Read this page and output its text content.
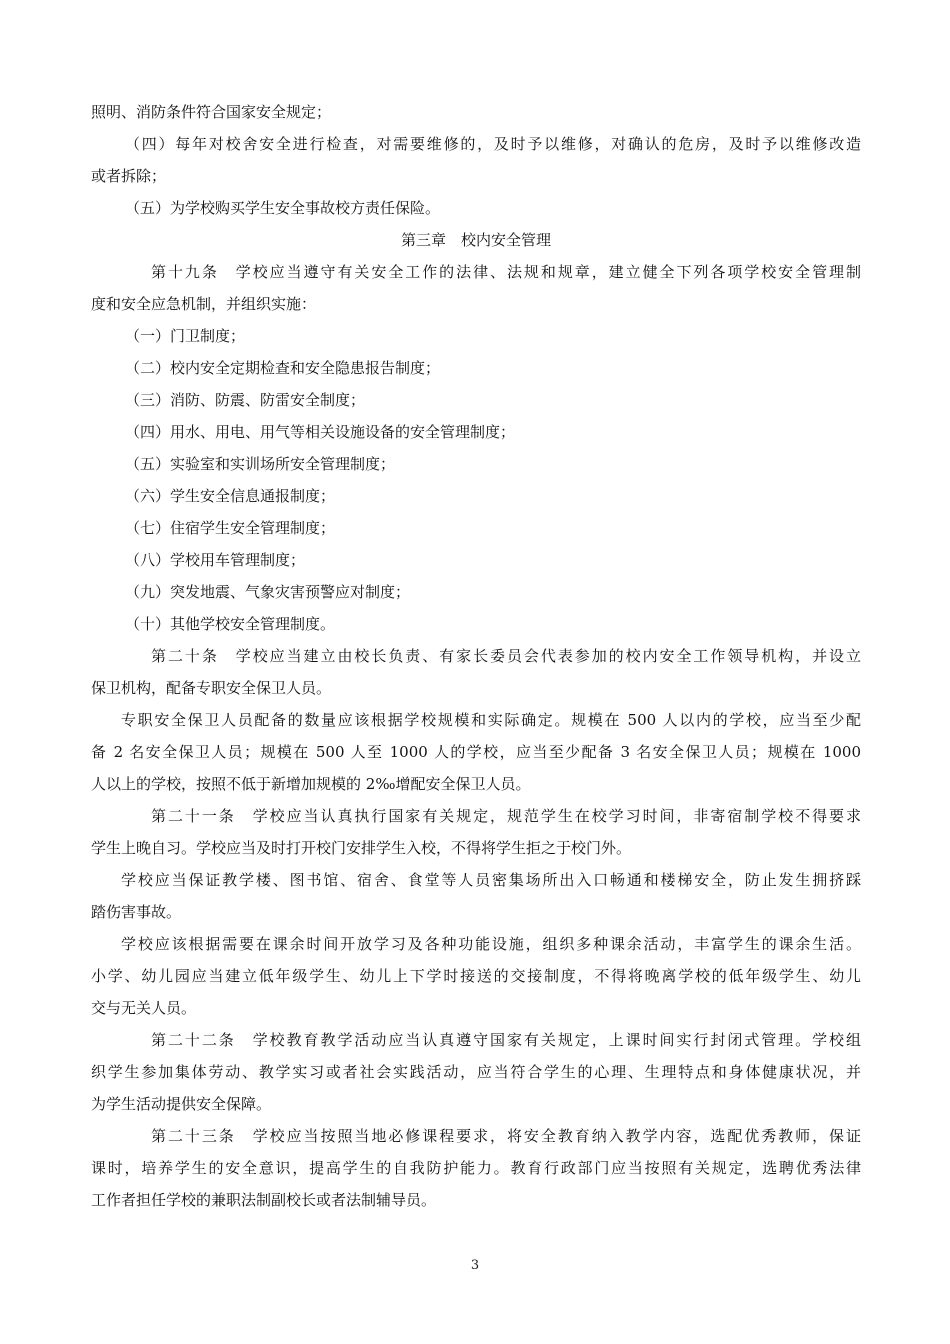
照明、消防条件符合国家安全规定；
（四）每年对校舍安全进行检查，对需要维修的，及时予以维修，对确认的危房，及时予以维修改造
或者拆除；
（五）为学校购买学生安全事故校方责任保险。
第三章　校内安全管理
第十九条　学校应当遵守有关安全工作的法律、法规和规章，建立健全下列各项学校安全管理制
度和安全应急机制，并组织实施：
（一）门卫制度；
（二）校内安全定期检查和安全隐患报告制度；
（三）消防、防震、防雷安全制度；
（四）用水、用电、用气等相关设施设备的安全管理制度；
（五）实验室和实训场所安全管理制度；
（六）学生安全信息通报制度；
（七）住宿学生安全管理制度；
（八）学校用车管理制度；
（九）突发地震、气象灾害预警应对制度；
（十）其他学校安全管理制度。
第二十条　学校应当建立由校长负责、有家长委员会代表参加的校内安全工作领导机构，并设立
保卫机构，配备专职安全保卫人员。
专职安全保卫人员配备的数量应该根据学校规模和实际确定。规模在 500 人以内的学校，应当至少配
备 2 名安全保卫人员；规模在 500 人至 1000 人的学校，应当至少配备 3 名安全保卫人员；规模在 1000
人以上的学校，按照不低于新增加规模的 2‰增配安全保卫人员。
第二十一条　学校应当认真执行国家有关规定，规范学生在校学习时间，非寄宿制学校不得要求
学生上晚自习。学校应当及时打开校门安排学生入校，不得将学生拒之于校门外。
学校应当保证教学楼、图书馆、宿舍、食堂等人员密集场所出入口畅通和楼梯安全，防止发生拥挤踩
踏伤害事故。
学校应该根据需要在课余时间开放学习及各种功能设施，组织多种课余活动，丰富学生的课余生活。
小学、幼儿园应当建立低年级学生、幼儿上下学时接送的交接制度，不得将晚离学校的低年级学生、幼儿
交与无关人员。
第二十二条　学校教育教学活动应当认真遵守国家有关规定，上课时间实行封闭式管理。学校组
织学生参加集体劳动、教学实习或者社会实践活动，应当符合学生的心理、生理特点和身体健康状况，并
为学生活动提供安全保障。
第二十三条　学校应当按照当地必修课程要求，将安全教育纳入教学内容，选配优秀教师，保证
课时，培养学生的安全意识，提高学生的自我防护能力。教育行政部门应当按照有关规定，选聘优秀法律
工作者担任学校的兼职法制副校长或者法制辅导员。
3
